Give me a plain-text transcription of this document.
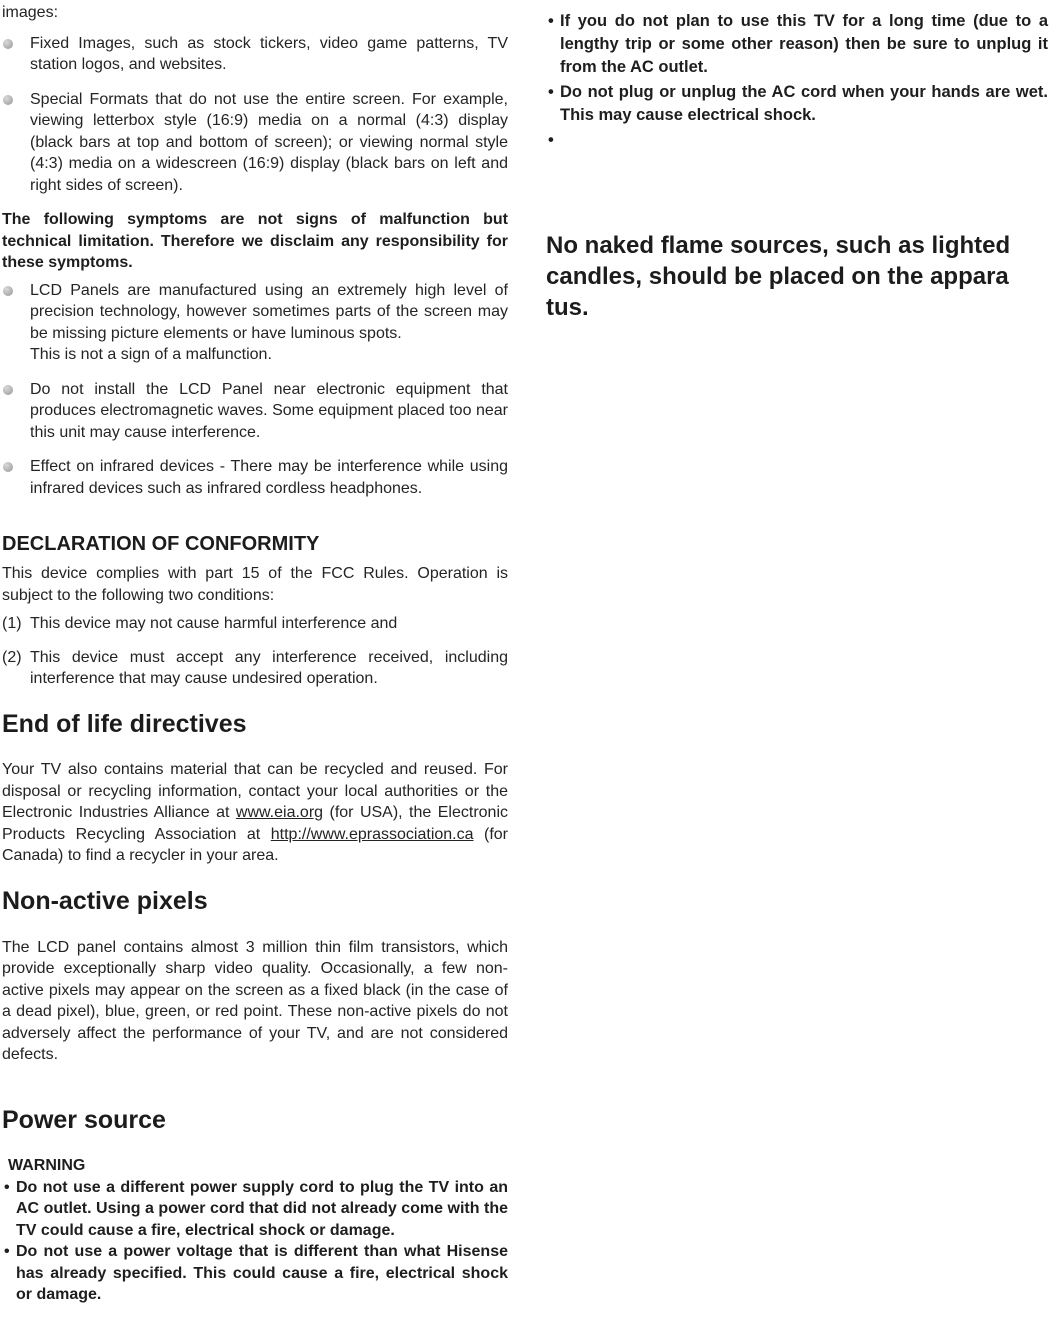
images:

Fixed Images, such as stock tickers, video game patterns, TV station logos, and websites.
Special Formats that do not use the entire screen. For example, viewing letterbox style (16:9) media on a normal (4:3) display (black bars at top and bottom of screen); or viewing normal style (4:3) media on a widescreen (16:9) display (black bars on left and right sides of screen).

The following symptoms are not signs of malfunction but technical limitation. Therefore we disclaim any responsibility for these symptoms.

LCD Panels are manufactured using an extremely high level of precision technology, however sometimes parts of the screen may be missing picture elements or have luminous spots.
This is not a sign of a malfunction.
Do not install the LCD Panel near electronic equipment that produces electromagnetic waves. Some equipment placed too near this unit may cause interference.
Effect on infrared devices - There may be interference while using infrared devices such as infrared cordless headphones.
DECLARATION OF CONFORMITY

This device complies with part 15 of the FCC Rules. Operation is subject to the following two conditions:

(1) This device may not cause harmful interference and
(2) This device must accept any interference received, including interference that may cause undesired operation.
End of life directives

Your TV also contains material that can be recycled and reused. For disposal or recycling information, contact your local authorities or the Electronic Industries Alliance at www.eia.org (for USA), the Electronic Products Recycling Association at http://www.eprassociation.ca (for Canada) to find a recycler in your area.

Non-active pixels

The LCD panel contains almost 3 million thin film transistors, which provide exceptionally sharp video quality. Occasionally, a few non-active pixels may appear on the screen as a fixed black (in the case of a dead pixel), blue, green, or red point. These non-active pixels do not adversely affect the performance of your TV, and are not considered defects.

Power source
WARNING
• Do not use a different power supply cord to plug the TV into an AC outlet. Using a power cord that did not already come with the TV could cause a fire, electrical shock or damage.
• Do not use a power voltage that is different than what Hisense has already specified. This could cause a fire, electrical shock or damage.
• If you do not plan to use this TV for a long time (due to a lengthy trip or some other reason) then be sure to unplug it from the AC outlet.
• Do not plug or unplug the AC cord when your hands are wet. This may cause electrical shock.
•
No naked flame sources, such as lighted
candles, should be placed on the appara
tus.
